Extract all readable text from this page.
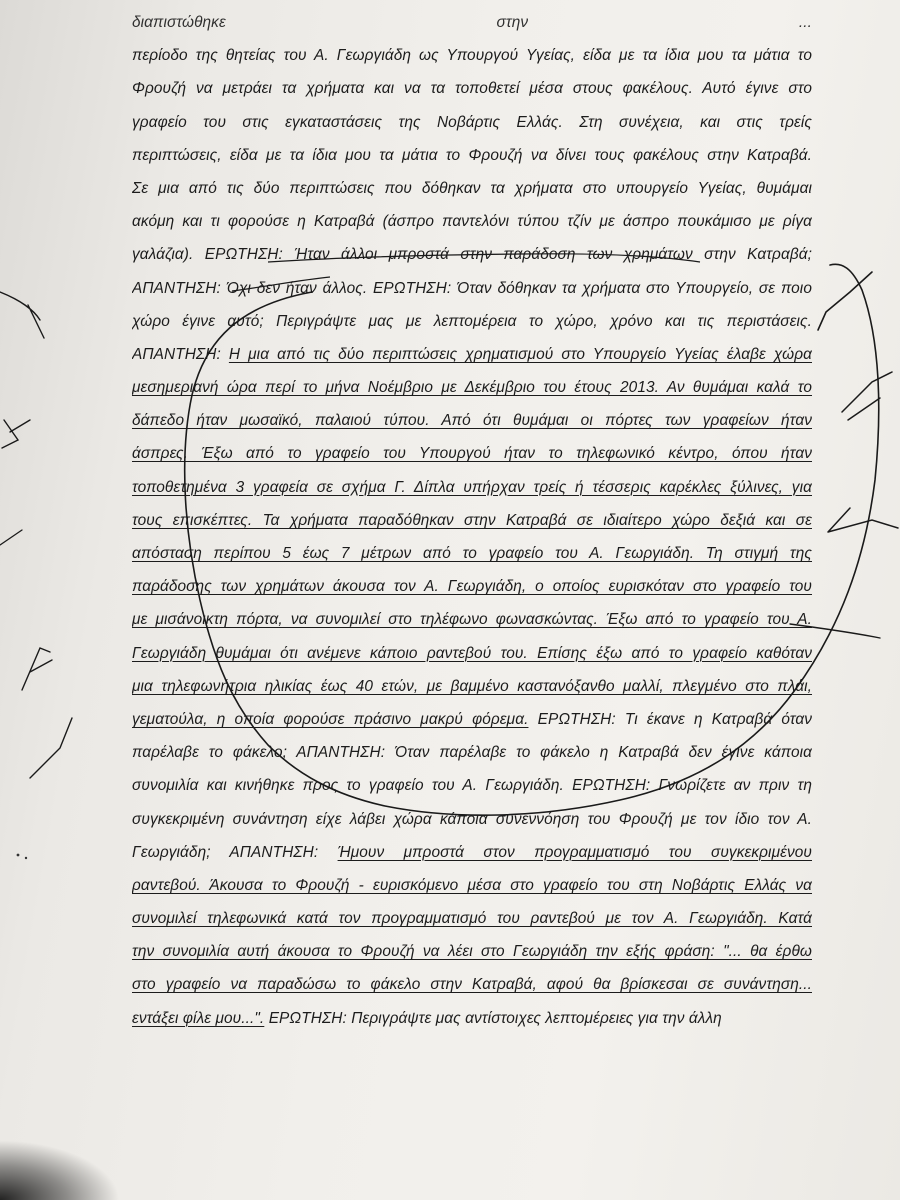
διαπιστώθηκε στην ...
περίοδο της θητείας του Α. Γεωργιάδη ως Υπουργού Υγείας, είδα με τα ίδια μου τα μάτια το
Φρουζή να μετράει τα χρήματα και να τα τοποθετεί μέσα στους φακέλους. Αυτό έγινε στο
γραφείο του στις εγκαταστάσεις της Νοβάρτις Ελλάς. Στη συνέχεια, και στις τρείς
περιπτώσεις, είδα με τα ίδια μου τα μάτια το Φρουζή να δίνει τους φακέλους στην Κατραβά.
Σε μια από τις δύο περιπτώσεις που δόθηκαν τα χρήματα στο υπουργείο Υγείας, θυμάμαι
ακόμη και τι φορούσε η Κατραβά (άσπρο παντελόνι τύπου τζίν με άσπρο πουκάμισο με ρίγα
γαλάζια). ΕΡΩΤΗΣΗ: Ήταν άλλοι μπροστά στην παράδοση των χρημάτων στην Κατραβά;
ΑΠΑΝΤΗΣΗ: Όχι δεν ήταν άλλος. ΕΡΩΤΗΣΗ: Όταν δόθηκαν τα χρήματα στο Υπουργείο, σε ποιο
χώρο έγινε αυτό; Περιγράψτε μας με λεπτομέρεια το χώρο, χρόνο και τις περιστάσεις.
ΑΠΑΝΤΗΣΗ: Η μια από τις δύο περιπτώσεις χρηματισμού στο Υπουργείο Υγείας έλαβε χώρα
μεσημεριανή ώρα περί το μήνα Νοέμβριο με Δεκέμβριο του έτους 2013. Αν θυμάμαι καλά το
δάπεδο ήταν μωσαϊκό, παλαιού τύπου. Από ότι θυμάμαι οι πόρτες των γραφείων ήταν
άσπρες. Έξω από το γραφείο του Υπουργού ήταν το τηλεφωνικό κέντρο, όπου ήταν
τοποθετημένα 3 γραφεία σε σχήμα Γ. Δίπλα υπήρχαν τρείς ή τέσσερις καρέκλες ξύλινες, για
τους επισκέπτες. Τα χρήματα παραδόθηκαν στην Κατραβά σε ιδιαίτερο χώρο δεξιά και σε
απόσταση περίπου 5 έως 7 μέτρων από το γραφείο του Α. Γεωργιάδη. Τη στιγμή της
παράδοσης των χρημάτων άκουσα τον Α. Γεωργιάδη, ο οποίος ευρισκόταν στο γραφείο του
με μισάνοικτη πόρτα, να συνομιλεί στο τηλέφωνο φωνασκώντας. Έξω από το γραφείο του Α.
Γεωργιάδη θυμάμαι ότι ανέμενε κάποιο ραντεβού του. Επίσης έξω από το γραφείο καθόταν
μια τηλεφωνήτρια ηλικίας έως 40 ετών, με βαμμένο καστανόξανθο μαλλί, πλεγμένο στο πλάι,
γεματούλα, η οποία φορούσε πράσινο μακρύ φόρεμα. ΕΡΩΤΗΣΗ: Τι έκανε η Κατραβά όταν
παρέλαβε το φάκελο; ΑΠΑΝΤΗΣΗ: Όταν παρέλαβε το φάκελο η Κατραβά δεν έγινε κάποια
συνομιλία και κινήθηκε προς το γραφείο του Α. Γεωργιάδη. ΕΡΩΤΗΣΗ: Γνωρίζετε αν πριν τη
συγκεκριμένη συνάντηση είχε λάβει χώρα κάποια συνεννόηση του Φρουζή με τον ίδιο τον Α.
Γεωργιάδη; ΑΠΑΝΤΗΣΗ: Ήμουν μπροστά στον προγραμματισμό του συγκεκριμένου
ραντεβού. Άκουσα το Φρουζή - ευρισκόμενο μέσα στο γραφείο του στη Νοβάρτις Ελλάς να
συνομιλεί τηλεφωνικά κατά τον προγραμματισμό του ραντεβού με τον Α. Γεωργιάδη. Κατά
την συνομιλία αυτή άκουσα το Φρουζή να λέει στο Γεωργιάδη την εξής φράση: "... θα έρθω
στο γραφείο να παραδώσω το φάκελο στην Κατραβά, αφού θα βρίσκεσαι σε συνάντηση...
εντάξει φίλε μου...". ΕΡΩΤΗΣΗ: Περιγράψτε μας αντίστοιχες λεπτομέρειες για την άλλη
